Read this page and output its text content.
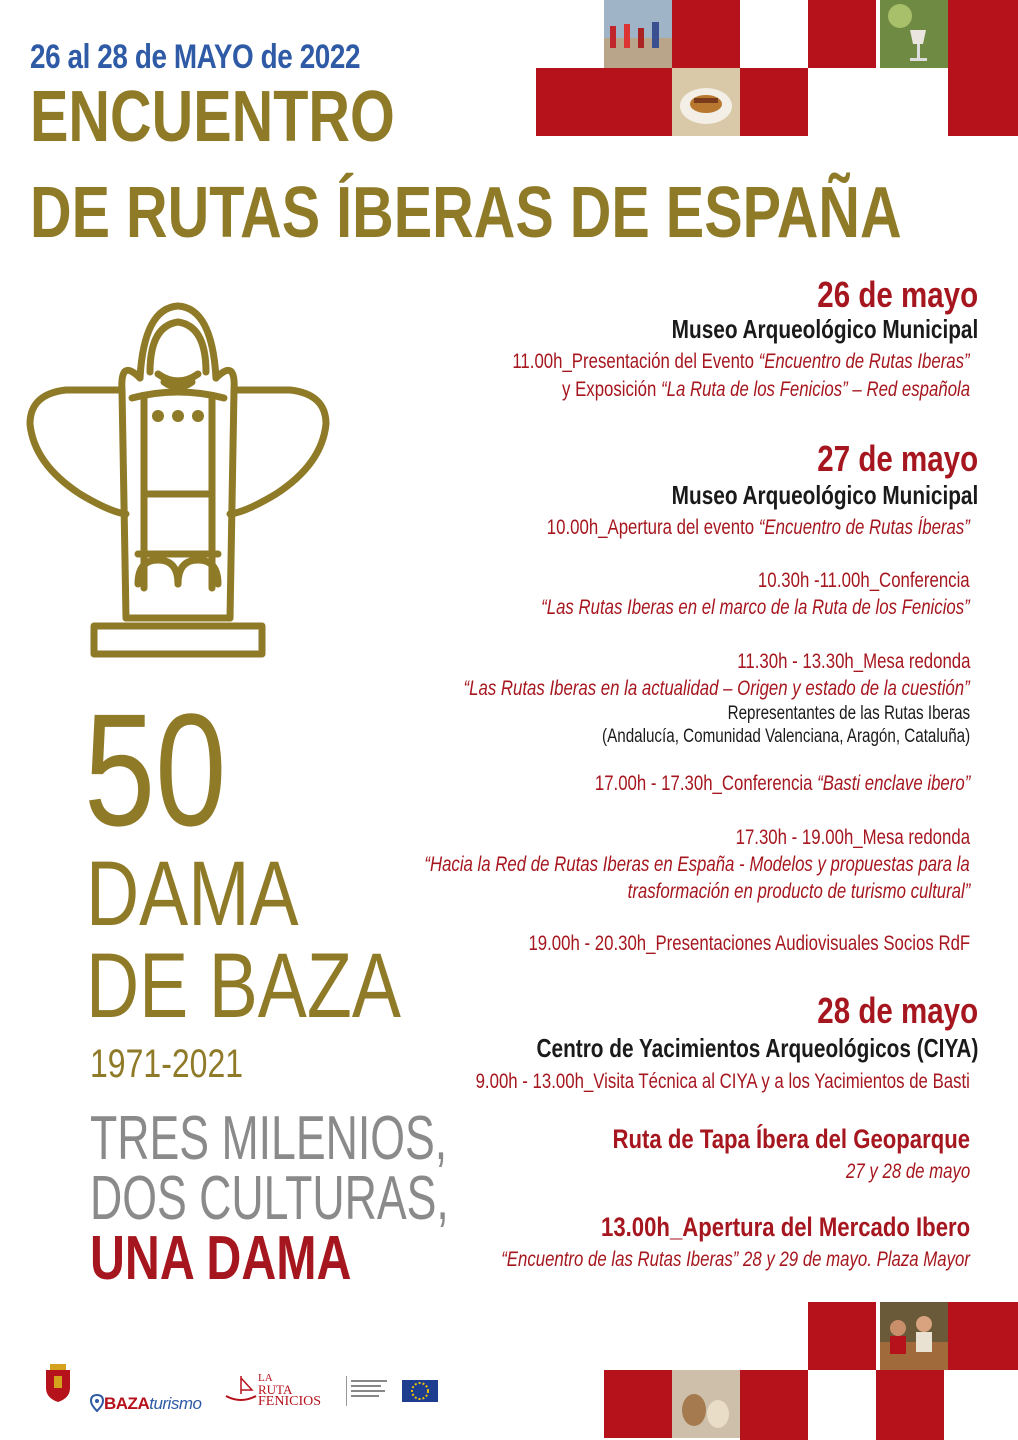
26 al 28 de MAYO de 2022
ENCUENTRO
DE RUTAS ÍBERAS DE ESPAÑA
50
DAMA
DE BAZA
1971-2021
TRES MILENIOS,
DOS CULTURAS,
UNA DAMA
26 de mayo
Museo Arqueológico Municipal
11.00h_Presentación del Evento “Encuentro de Rutas Iberas”
y Exposición “La Ruta de los Fenicios” – Red española
27 de mayo
Museo Arqueológico Municipal
10.00h_Apertura del evento “Encuentro de Rutas Íberas”
10.30h -11.00h_Conferencia
“Las Rutas Iberas en el marco de la Ruta de los Fenicios”
11.30h - 13.30h_Mesa redonda
“Las Rutas Iberas en la actualidad – Origen y estado de la cuestión”
Representantes de las Rutas Iberas
(Andalucía, Comunidad Valenciana, Aragón, Cataluña)
17.00h - 17.30h_Conferencia “Basti enclave ibero”
17.30h - 19.00h_Mesa redonda
“Hacia la Red de Rutas Iberas en España - Modelos y propuestas para la
trasformación en producto de turismo cultural”
19.00h - 20.30h_Presentaciones Audiovisuales Socios RdF
28 de mayo
Centro de Yacimientos Arqueológicos (CIYA)
9.00h - 13.00h_Visita Técnica al CIYA y a los Yacimientos de Basti
Ruta de Tapa Íbera del Geoparque
27 y 28 de mayo
13.00h_Apertura del Mercado Ibero
“Encuentro de las Rutas Iberas” 28 y 29 de mayo. Plaza Mayor
BAZAturismo
LA
RUTA
FENICIOS
